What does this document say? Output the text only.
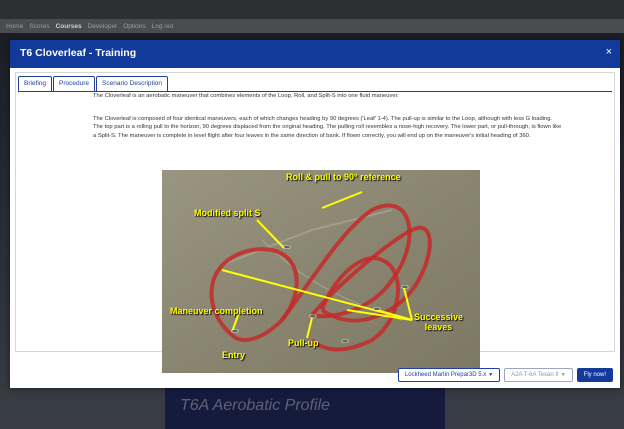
Home Scores Courses Developer Options Log out
T6A Aerobatic Profile
T6 Cloverleaf - Training	×
Briefing	Procedure	Scenario Description
The Cloverleaf is an aerobatic maneuver that combines elements of the Loop, Roll, and Split-S into one fluid maneuver.
The Cloverleaf is composed of four identical maneuvers, each of which changes heading by 90 degrees ('Leaf' 1-4). The pull-up is similar to the Loop, although with less G loading. The top part is a rolling pull to the horizon, 90 degrees displaced from the original heading. The pulling roll resembles a nose-high recovery. The lower part, or pull-through, is flown like a Split-S. The maneuver is complete in level flight after four leaves in the same direction of bank. If flown correctly, you will end up on the maneuver's initial heading of 360.
Roll & pull to 90° reference
Modified split S
Maneuver completion
Entry
Pull-up
Successive
leaves
Lockheed Martin Prepar3D 5.x ▼	A2A T-6A Texan II ▼	Fly now!
